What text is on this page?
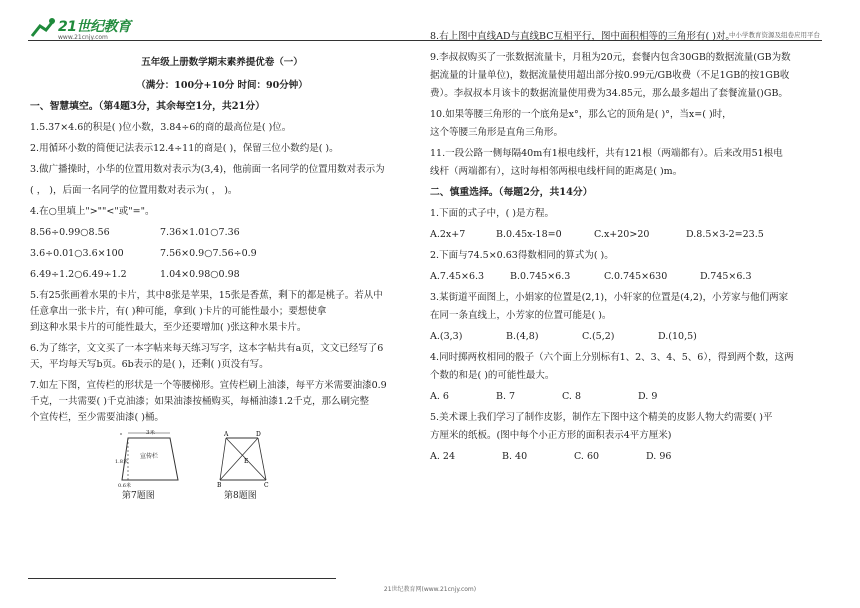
21世纪教育
www.21cnjy.com	中小学教育资源及组卷应用平台

五年级上册数学期末素养提优卷（一）

（满分：100分+10分 时间：90分钟）

一、智慧填空。（第4题3分，其余每空1分，共21分）

1.5.37×4.6的积是( )位小数，3.84÷6的商的最高位是( )位。

2.用循环小数的简便记法表示12.4÷11的商是( )，保留三位小数约是( )。

3.做广播操时，小华的位置用数对表示为(3,4)，他前面一名同学的位置用数对表示为

( ， )，后面一名同学的位置用数对表示为( ， )。

4.在○里填上">""<"或"="。

8.56÷0.99○8.56	7.36×1.01○7.36
3.6÷0.01○3.6×100	7.56×0.9○7.56÷0.9
6.49÷1.2○6.49÷1.2	1.04×0.98○0.98

5.有25张画着水果的卡片，其中8张是苹果，15张是香蕉，剩下的都是桃子。若从中

任意拿出一张卡片，有( )种可能，拿到( )卡片的可能性最小；要想使拿

到这种水果卡片的可能性最大，至少还要增加( )张这种水果卡片。

6.为了练字，文文买了一本字帖来每天练习写字，这本字帖共有a页，文文已经写了6

天，平均每天写b页。6b表示的是( )，还剩( )页没有写。

7.如左下图，宣传栏的形状是一个等腰梯形。宣传栏刷上油漆，每平方米需要油漆0.9

千克，一共需要( )千克油漆；如果油漆按桶购买，每桶油漆1.2千克，那么刷完整

个宣传栏，至少需要油漆( )桶。

3米
宣传栏
1.8米
0.6米
A	D
E
B	C
第7题图	第8题图

8.右上图中直线AD与直线BC互相平行，图中面积相等的三角形有( )对。

9.李叔叔购买了一张数据流量卡，月租为20元，套餐内包含30GB的数据流量(GB为数

据流量的计量单位)，数据流量使用超出部分按0.99元/GB收费（不足1GB的按1GB收

费）。李叔叔本月该卡的数据流量使用费为34.85元，那么最多超出了套餐流量()GB。

10.如果等腰三角形的一个底角是x°，那么它的顶角是( )°，当x=( )时，

这个等腰三角形是直角三角形。

11.一段公路一侧每隔40m有1根电线杆，共有121根（两端都有）。后来改用51根电

线杆（两端都有），这时每相邻两根电线杆间的距离是( )m。

二、慎重选择。（每题2分，共14分）

1.下面的式子中，( )是方程。

A.2x+7	B.0.45x-18=0	C.x+20>20	D.8.5×3-2=23.5

2.下面与74.5×0.63得数相同的算式为( )。

A.7.45×6.3	B.0.745×6.3	C.0.745×630	D.745×6.3

3.某街道平面图上，小娟家的位置是(2,1)，小轩家的位置是(4,2)，小芳家与他们两家

在同一条直线上，小芳家的位置可能是( )。

A.(3,3)	B.(4,8)	C.(5,2)	D.(10,5)

4.同时掷两枚相同的骰子（六个面上分别标有1、2、3、4、5、6），得到两个数，这两

个数的和是( )的可能性最大。

A. 6	B. 7	C. 8	D. 9

5.美术课上我们学习了制作皮影，制作左下图中这个精美的皮影人物大约需要( )平

方厘米的纸板。(图中每个小正方形的面积表示4平方厘米)

A. 24	B. 40	C. 60	D. 96
21世纪教育网(www.21cnjy.com)
